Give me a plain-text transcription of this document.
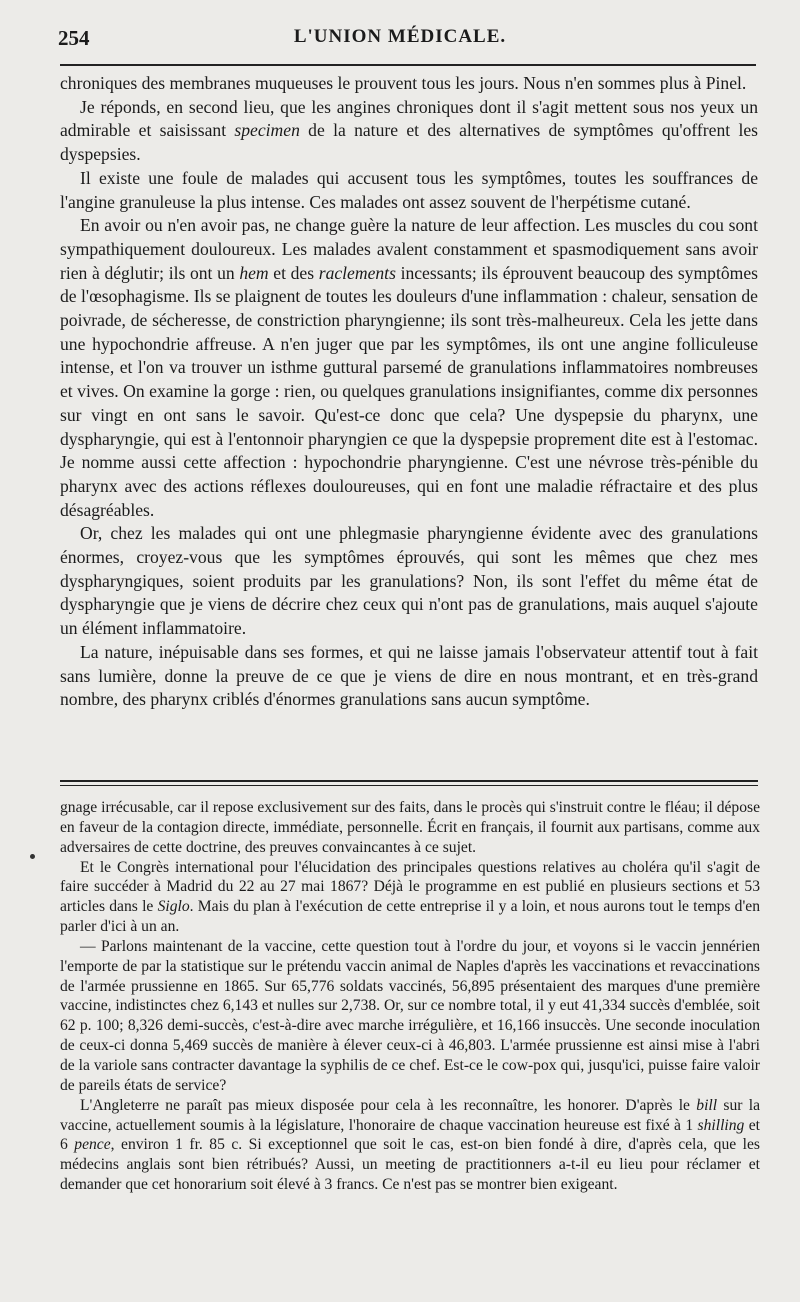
254	L'UNION MÉDICALE.

chroniques des membranes muqueuses le prouvent tous les jours. Nous n'en sommes plus à Pinel.

Je réponds, en second lieu, que les angines chroniques dont il s'agit mettent sous nos yeux un admirable et saisissant specimen de la nature et des alternatives de symptômes qu'offrent les dyspepsies.

Il existe une foule de malades qui accusent tous les symptômes, toutes les souffrances de l'angine granuleuse la plus intense. Ces malades ont assez souvent de l'herpétisme cutané.

En avoir ou n'en avoir pas, ne change guère la nature de leur affection. Les muscles du cou sont sympathiquement douloureux. Les malades avalent constamment et spasmodiquement sans avoir rien à déglutir; ils ont un hem et des raclements incessants; ils éprouvent beaucoup des symptômes de l'œsophagisme. Ils se plaignent de toutes les douleurs d'une inflammation : chaleur, sensation de poivrade, de sécheresse, de constriction pharyngienne; ils sont très-malheureux. Cela les jette dans une hypochondrie affreuse. A n'en juger que par les symptômes, ils ont une angine folliculeuse intense, et l'on va trouver un isthme guttural parsemé de granulations inflammatoires nombreuses et vives. On examine la gorge : rien, ou quelques granulations insignifiantes, comme dix personnes sur vingt en ont sans le savoir. Qu'est-ce donc que cela? Une dyspepsie du pharynx, une dyspharyngie, qui est à l'entonnoir pharyngien ce que la dyspepsie proprement dite est à l'estomac. Je nomme aussi cette affection : hypochondrie pharyngienne. C'est une névrose très-pénible du pharynx avec des actions réflexes douloureuses, qui en font une maladie réfractaire et des plus désagréables.

Or, chez les malades qui ont une phlegmasie pharyngienne évidente avec des granulations énormes, croyez-vous que les symptômes éprouvés, qui sont les mêmes que chez mes dyspharyngiques, soient produits par les granulations? Non, ils sont l'effet du même état de dyspharyngie que je viens de décrire chez ceux qui n'ont pas de granulations, mais auquel s'ajoute un élément inflammatoire.

La nature, inépuisable dans ses formes, et qui ne laisse jamais l'observateur attentif tout à fait sans lumière, donne la preuve de ce que je viens de dire en nous montrant, et en très-grand nombre, des pharynx criblés d'énormes granulations sans aucun symptôme.

gnage irrécusable, car il repose exclusivement sur des faits, dans le procès qui s'instruit contre le fléau; il dépose en faveur de la contagion directe, immédiate, personnelle. Écrit en français, il fournit aux partisans, comme aux adversaires de cette doctrine, des preuves convaincantes à ce sujet.

Et le Congrès international pour l'élucidation des principales questions relatives au choléra qu'il s'agit de faire succéder à Madrid du 22 au 27 mai 1867? Déjà le programme en est publié en plusieurs sections et 53 articles dans le Siglo. Mais du plan à l'exécution de cette entreprise il y a loin, et nous aurons tout le temps d'en parler d'ici à un an.

— Parlons maintenant de la vaccine, cette question tout à l'ordre du jour, et voyons si le vaccin jennérien l'emporte de par la statistique sur le prétendu vaccin animal de Naples d'après les vaccinations et revaccinations de l'armée prussienne en 1865. Sur 65,776 soldats vaccinés, 56,895 présentaient des marques d'une première vaccine, indistinctes chez 6,143 et nulles sur 2,738. Or, sur ce nombre total, il y eut 41,334 succès d'emblée, soit 62 p. 100; 8,326 demi-succès, c'est-à-dire avec marche irrégulière, et 16,166 insuccès. Une seconde inoculation de ceux-ci donna 5,469 succès de manière à élever ceux-ci à 46,803. L'armée prussienne est ainsi mise à l'abri de la variole sans contracter davantage la syphilis de ce chef. Est-ce le cow-pox qui, jusqu'ici, puisse faire valoir de pareils états de service?

L'Angleterre ne paraît pas mieux disposée pour cela à les reconnaître, les honorer. D'après le bill sur la vaccine, actuellement soumis à la législature, l'honoraire de chaque vaccination heureuse est fixé à 1 shilling et 6 pence, environ 1 fr. 85 c. Si exceptionnel que soit le cas, est-on bien fondé à dire, d'après cela, que les médecins anglais sont bien rétribués? Aussi, un meeting de practitionners a-t-il eu lieu pour réclamer et demander que cet honorarium soit élevé à 3 francs. Ce n'est pas se montrer bien exigeant.
